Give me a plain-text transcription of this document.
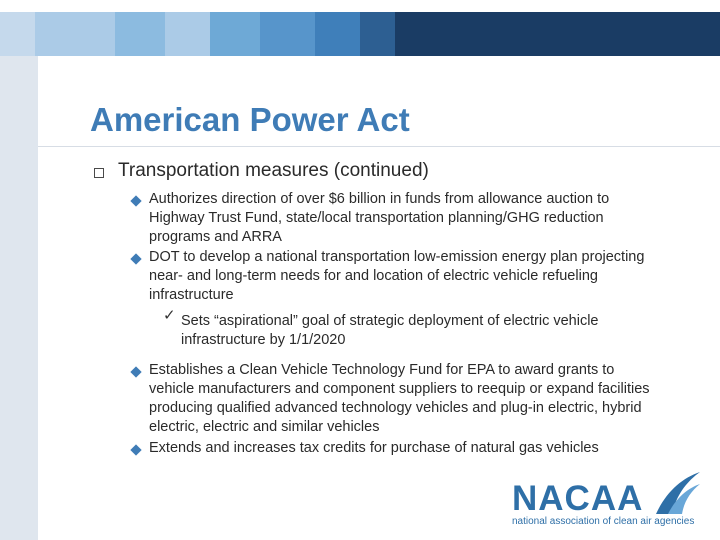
American Power Act
Transportation measures (continued)
Authorizes direction of over $6 billion in funds from allowance auction to Highway Trust Fund, state/local transportation planning/GHG reduction programs and ARRA
DOT to develop a national transportation low-emission energy plan projecting near- and long-term needs for and location of electric vehicle refueling infrastructure
✓ Sets “aspirational” goal of strategic deployment of electric vehicle infrastructure by 1/1/2020
Establishes a Clean Vehicle Technology Fund for EPA to award grants to vehicle manufacturers and component suppliers to reequip or expand facilities producing qualified advanced technology vehicles and plug-in electric, hybrid electric, electric and similar vehicles
Extends and increases tax credits for purchase of natural gas vehicles
NACAA
national association of clean air agencies
